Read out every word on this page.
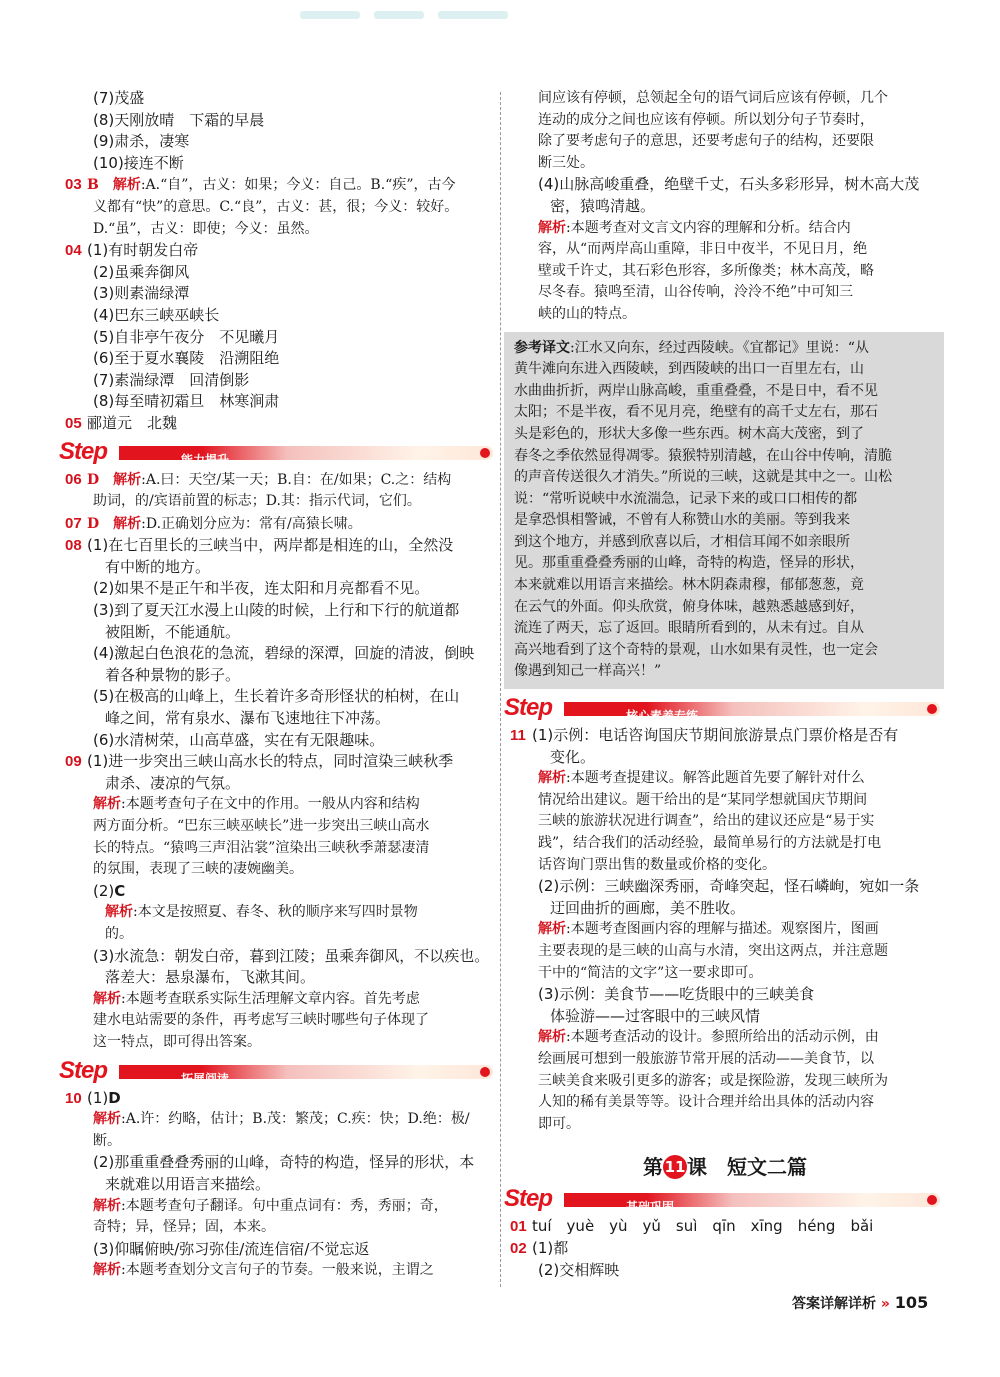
(7)茂盛
(8)天刚放晴　下霜的早晨
(9)肃杀，凄寒
(10)接连不断
03 B　 解析:A.“自”，古义：如果；今义：自己。B.“疾”，古今
义都有“快”的意思。C.“良”，古义：甚，很；今义：较好。
D.“虽”，古义：即使；今义：虽然。
04 (1)有时朝发白帝
(2)虽乘奔御风
(3)则素湍绿潭
(4)巴东三峡巫峡长
(5)自非亭午夜分　不见曦月
(6)至于夏水襄陵　沿溯阻绝
(7)素湍绿潭　回清倒影
(8)每至晴初霜旦　林寒涧肃
05 郦道元　北魏
Step	能力提升
06 D　 解析:A.曰：天空/某一天；B.自：在/如果；C.之：结构
助词，的/宾语前置的标志；D.其：指示代词，它们。
07 D　 解析:D.正确划分应为：常有/高猿长啸。
08 (1)在七百里长的三峡当中，两岸都是相连的山，全然没
有中断的地方。
(2)如果不是正午和半夜，连太阳和月亮都看不见。
(3)到了夏天江水漫上山陵的时候，上行和下行的航道都
被阻断，不能通航。
(4)激起白色浪花的急流，碧绿的深潭，回旋的清波，倒映
着各种景物的影子。
(5)在极高的山峰上，生长着许多奇形怪状的柏树，在山
峰之间，常有泉水、瀑布飞速地往下冲荡。
(6)水清树荣，山高草盛，实在有无限趣味。
09 (1)进一步突出三峡山高水长的特点，同时渲染三峡秋季
肃杀、凄凉的气氛。
解析:本题考查句子在文中的作用。一般从内容和结构
两方面分析。“巴东三峡巫峡长”进一步突出三峡山高水
长的特点。“猿鸣三声泪沾裳”渲染出三峡秋季萧瑟凄清
的氛围，表现了三峡的凄婉幽美。
(2)C
解析:本文是按照夏、春冬、秋的顺序来写四时景物
的。
(3)水流急：朝发白帝，暮到江陵；虽乘奔御风，不以疾也。
落差大：悬泉瀑布，飞漱其间。
解析:本题考查联系实际生活理解文章内容。首先考虑
建水电站需要的条件，再考虑写三峡时哪些句子体现了
这一特点，即可得出答案。
Step	拓展阅读
10 (1)D
解析:A.许：约略，估计；B.茂：繁茂；C.疾：快；D.绝：极/
断。
(2)那重重叠叠秀丽的山峰，奇特的构造，怪异的形状，本
来就难以用语言来描绘。
解析:本题考查句子翻译。句中重点词有：秀，秀丽；奇，
奇特；异，怪异；固，本来。
(3)仰瞩俯映/弥习弥佳/流连信宿/不觉忘返
解析:本题考查划分文言句子的节奏。一般来说，主谓之
间应该有停顿，总领起全句的语气词后应该有停顿，几个
连动的成分之间也应该有停顿。所以划分句子节奏时，
除了要考虑句子的意思，还要考虑句子的结构，还要限
断三处。
(4)山脉高峻重叠，绝壁千丈，石头多彩形异，树木高大茂
密，猿鸣清越。
解析:本题考查对文言文内容的理解和分析。结合内
容，从“而两岸高山重障，非日中夜半，不见日月，绝
壁或千许丈，其石彩色形容，多所像类；林木高茂，略
尽冬春。猿鸣至清，山谷传响，泠泠不绝”中可知三
峡的山的特点。
参考译文:江水又向东，经过西陵峡。《宜都记》里说：“从
黄牛滩向东进入西陵峡，到西陵峡的出口一百里左右，山
水曲曲折折，两岸山脉高峻，重重叠叠，不是日中，看不见
太阳；不是半夜，看不见月亮，绝壁有的高千丈左右，那石
头是彩色的，形状大多像一些东西。树木高大茂密，到了
春冬之季依然显得凋零。猿猴特别清越，在山谷中传响，清脆
的声音传送很久才消失。”所说的三峡，这就是其中之一。山松
说：“常听说峡中水流湍急，记录下来的或口口相传的都
是拿恐惧相警诫，不曾有人称赞山水的美丽。等到我来
到这个地方，并感到欣喜以后，才相信耳闻不如亲眼所
见。那重重叠叠秀丽的山峰，奇特的构造，怪异的形状，
本来就难以用语言来描绘。林木阴森肃穆，郁郁葱葱，竟
在云气的外面。仰头欣赏，俯身体味，越熟悉越感到好，
流连了两天，忘了返回。眼睛所看到的，从未有过。自从
高兴地看到了这个奇特的景观，山水如果有灵性，也一定会
像遇到知己一样高兴！”
Step	核心素养专练
11 (1)示例：电话咨询国庆节期间旅游景点门票价格是否有
变化。
解析:本题考查提建议。解答此题首先要了解针对什么
情况给出建议。题干给出的是“某同学想就国庆节期间
三峡的旅游状况进行调查”，给出的建议还应是“易于实
践”，结合我们的活动经验，最简单易行的方法就是打电
话咨询门票出售的数量或价格的变化。
(2)示例：三峡幽深秀丽，奇峰突起，怪石嶙峋，宛如一条
迂回曲折的画廊，美不胜收。
解析:本题考查图画内容的理解与描述。观察图片，图画
主要表现的是三峡的山高与水清，突出这两点，并注意题
干中的“简洁的文字”这一要求即可。
(3)示例：美食节——吃货眼中的三峡美食
体验游——过客眼中的三峡风情
解析:本题考查活动的设计。参照所给出的活动示例，由
绘画展可想到一般旅游节常开展的活动——美食节，以
三峡美食来吸引更多的游客；或是探险游，发现三峡所为
人知的稀有美景等等。设计合理并给出具体的活动内容
即可。
第 11课　短文二篇
Step	基础巩固
01 tuí　yuè　yù　yǔ　suì　qīn　xīng　héng　bǎi
02 (1)都
(2)交相辉映
答案详解详析 » 105
